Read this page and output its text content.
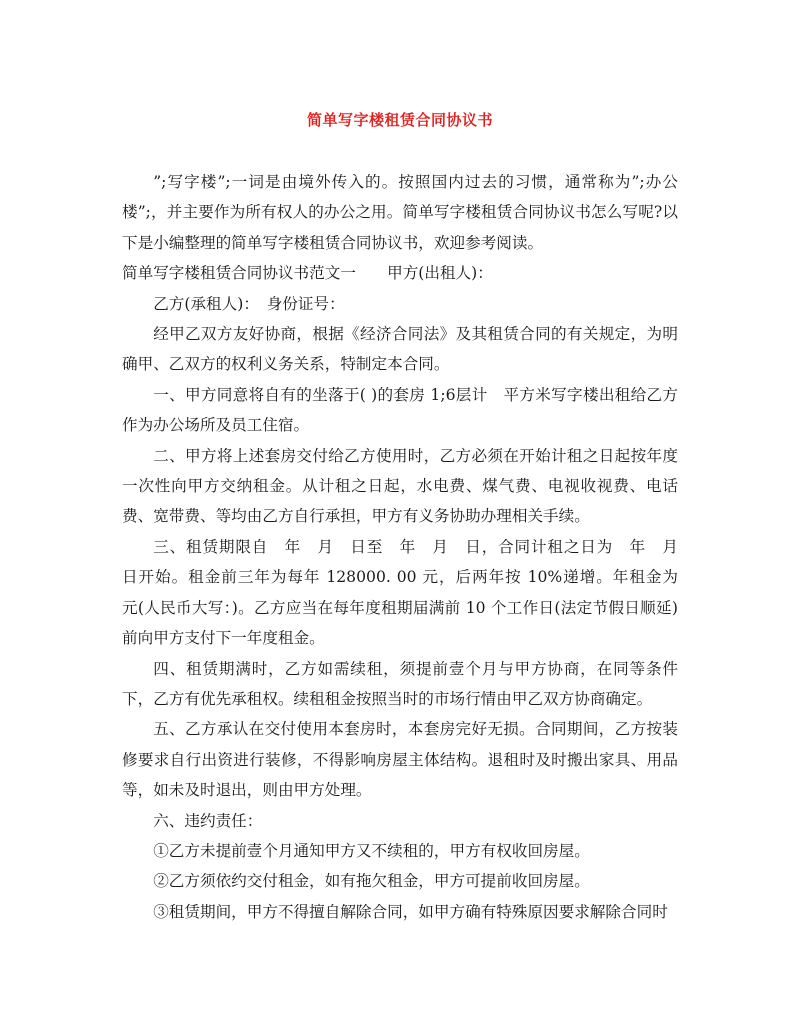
简单写字楼租赁合同协议书

”;写字楼”;一词是由境外传入的。按照国内过去的习惯，通常称为”;办公楼”;，并主要作为所有权人的办公之用。简单写字楼租赁合同协议书怎么写呢?以下是小编整理的简单写字楼租赁合同协议书，欢迎参考阅读。

简单写字楼租赁合同协议书范文一　　甲方(出租人)：

乙方(承租人)：　身份证号：

经甲乙双方友好协商，根据《经济合同法》及其租赁合同的有关规定，为明确甲、乙双方的权利义务关系，特制定本合同。

一、甲方同意将自有的坐落于( )的套房 1;6层计　平方米写字楼出租给乙方作为办公场所及员工住宿。

二、甲方将上述套房交付给乙方使用时，乙方必须在开始计租之日起按年度一次性向甲方交纳租金。从计租之日起，水电费、煤气费、电视收视费、电话费、宽带费、等均由乙方自行承担，甲方有义务协助办理相关手续。

三、租赁期限自　年　月　日至　年　月　日，合同计租之日为　年　月　日开始。租金前三年为每年 128000. 00 元，后两年按 10%递增。年租金为　元(人民币大写：)。乙方应当在每年度租期届满前 10 个工作日(法定节假日顺延)前向甲方支付下一年度租金。

四、租赁期满时，乙方如需续租，须提前壹个月与甲方协商，在同等条件下，乙方有优先承租权。续租租金按照当时的市场行情由甲乙双方协商确定。

五、乙方承认在交付使用本套房时，本套房完好无损。合同期间，乙方按装修要求自行出资进行装修，不得影响房屋主体结构。退租时及时搬出家具、用品等，如未及时退出，则由甲方处理。

六、违约责任：

①乙方未提前壹个月通知甲方又不续租的，甲方有权收回房屋。

②乙方须依约交付租金，如有拖欠租金，甲方可提前收回房屋。

③租赁期间，甲方不得擅自解除合同，如甲方确有特殊原因要求解除合同时
